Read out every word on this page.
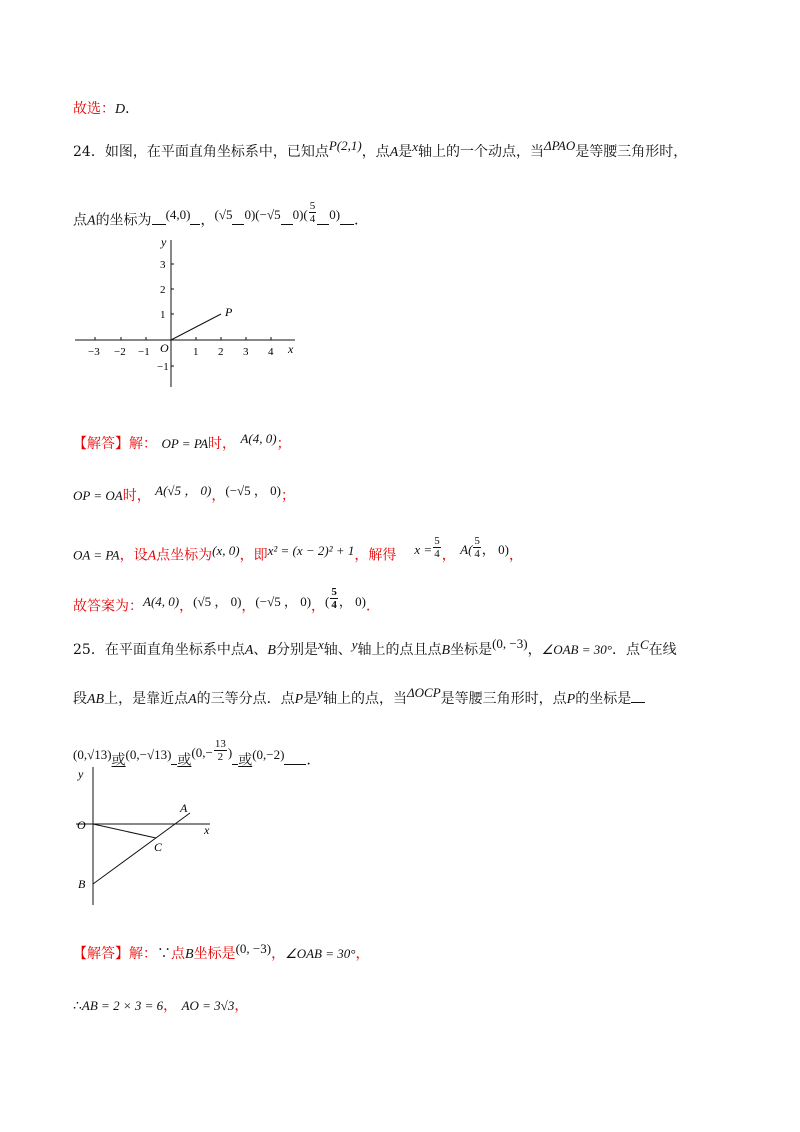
故选：D．
24．如图，在平面直角坐标系中，已知点P(2,1)，点A是x轴上的一个动点，当ΔPAO是等腰三角形时，
点A的坐标为 (4,0) ，(√5 0)(−√5 $0)( \frac{5}{4} 0)$ ．
y
x
O
P
−3 −2 −1	1 2 3 4
3
2
1
−1
【解答】解： OP = PA时， A(4, 0)；
OP = OA时， A(√5 ， 0)，(−√5 ， 0)；
OA = PA，设A点坐标为(x, 0)，即x² = (x − 2)² + 1，解得 $x = \frac{5}{4}$ ， $A( \frac{5}{4}$ ， 0)，
故答案为：A(4, 0)，(√5 ， 0)，(−√5 ， 0)，( $\frac{5}{4}$ ， 0)．
25．在平面直角坐标系中点A、B分别是x轴、y轴上的点且点B坐标是(0, −3)，∠OAB = 30°．点C在线
段AB上，是靠近点A的三等分点．点P是y轴上的点，当ΔOCP是等腰三角形时，点P的坐标是
(0,√13)或(0,−√13) 或($0,- \frac{13}{2}$ )或(0,−2) ．
y
x
O
A
B
C
【解答】解：∵点B坐标是(0, −3)，∠OAB = 30°，
∴AB = 2 × 3 = 6， AO = 3√3，
